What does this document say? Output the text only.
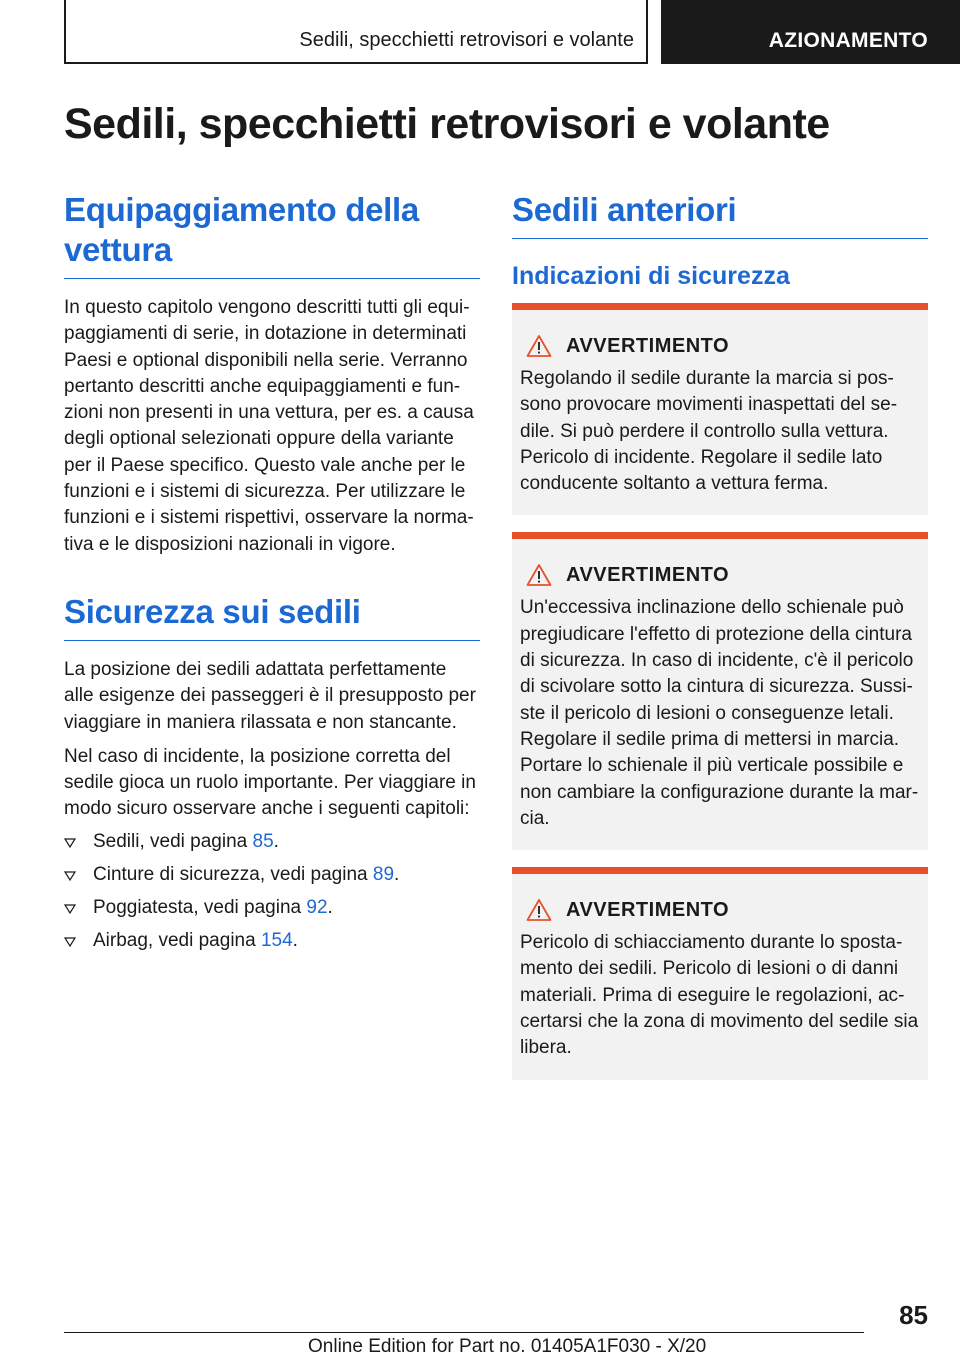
Sedili, specchietti retrovisori e volante	AZIONAMENTO
Sedili, specchietti retrovisori e volante
Equipaggiamento della vettura

In questo capitolo vengono descritti tutti gli equipaggiamenti di serie, in dotazione in determinati Paesi e optional disponibili nella serie. Verranno pertanto descritti anche equipaggiamenti e funzioni non presenti in una vettura, per es. a causa degli optional selezionati oppure della variante per il Paese specifico. Questo vale anche per le funzioni e i sistemi di sicurezza. Per utilizzare le funzioni e i sistemi rispettivi, osservare la normativa e le disposizioni nazionali in vigore.

Sicurezza sui sedili

La posizione dei sedili adattata perfettamente alle esigenze dei passeggeri è il presupposto per viaggiare in maniera rilassata e non stancante.

Nel caso di incidente, la posizione corretta del sedile gioca un ruolo importante. Per viaggiare in modo sicuro osservare anche i seguenti capitoli:

Sedili, vedi pagina 85.
Cinture di sicurezza, vedi pagina 89.
Poggiatesta, vedi pagina 92.
Airbag, vedi pagina 154.
Sedili anteriori
Indicazioni di sicurezza
AVVERTIMENTO

Regolando il sedile durante la marcia si possono provocare movimenti inaspettati del sedile. Si può perdere il controllo sulla vettura. Pericolo di incidente. Regolare il sedile lato conducente soltanto a vettura ferma.

AVVERTIMENTO

Un'eccessiva inclinazione dello schienale può pregiudicare l'effetto di protezione della cintura di sicurezza. In caso di incidente, c'è il pericolo di scivolare sotto la cintura di sicurezza. Sussiste il pericolo di lesioni o conseguenze letali. Regolare il sedile prima di mettersi in marcia. Portare lo schienale il più verticale possibile e non cambiare la configurazione durante la marcia.

AVVERTIMENTO

Pericolo di schiacciamento durante lo spostamento dei sedili. Pericolo di lesioni o di danni materiali. Prima di eseguire le regolazioni, accertarsi che la zona di movimento del sedile sia libera.

85
Online Edition for Part no. 01405A1F030 - X/20
